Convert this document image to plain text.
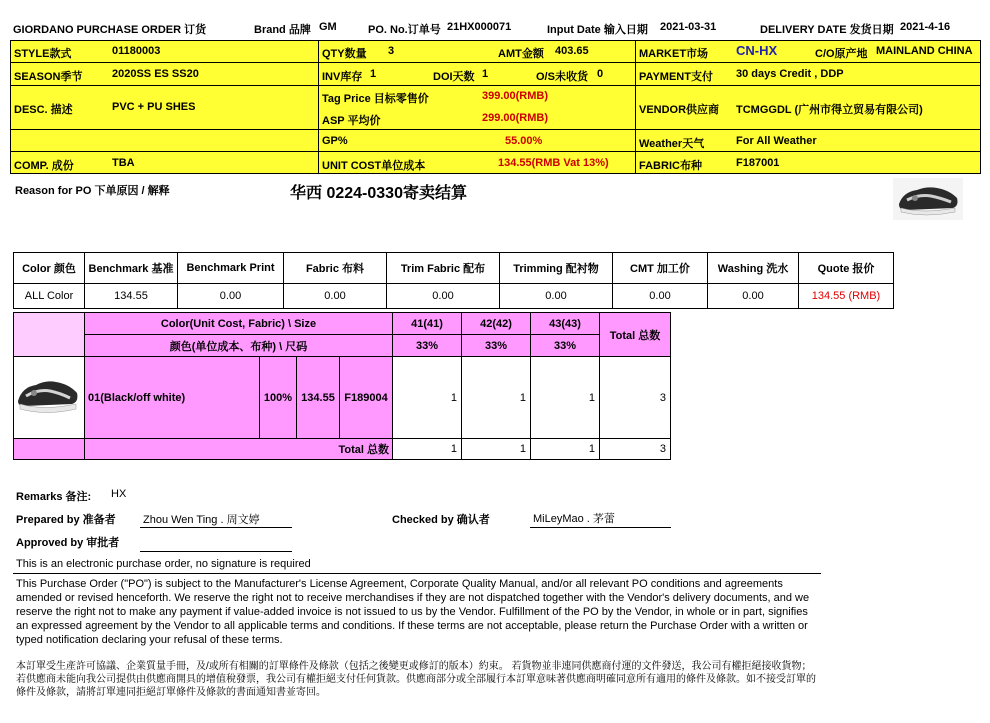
GIORDANO PURCHASE ORDER 订货	Brand 品牌 GM	PO. No.订单号 21HX000071	Input Date 输入日期 2021-03-31	DELIVERY DATE 发货日期 2021-4-16
STYLE款式	01180003
SEASON季节	2020SS ES SS20
DESC. 描述	PVC + PU SHES
COMP. 成份	TBA
QTY数量 3	AMT金额 403.65
INV库存 1	DOI天数 1	O/S未收货 0
Tag Price 目标零售价	399.00(RMB)
ASP 平均价	299.00(RMB)
GP%	55.00%
UNIT COST单位成本	134.55(RMB Vat 13%)
MARKET市场 CN-HX	C/O原产地 MAINLAND CHINA
PAYMENT支付 30 days Credit , DDP
VENDOR供应商 TCMGGDL (广州市得立贸易有限公司)
Weather天气	For All Weather
FABRIC布种	F187001
Reason for PO 下单原因 / 解释	华西 0224-0330寄卖结算
Color 颜色	Benchmark 基准	Benchmark Print	Fabric 布料	Trim Fabric 配布	Trimming 配衬物	CMT 加工价	Washing 洗水	Quote 报价
ALL Color	134.55	0.00	0.00	0.00	0.00	0.00	0.00	134.55 (RMB)
	Color(Unit Cost, Fabric) \ Size				41(41)	42(42)	43(43)	Total 总数
	颜色(单位成本、布种) \ 尺码				33%	33%	33%	
	01(Black/off white)	100%	134.55	F189004	1	1	1	3
	Total 总数				1	1	1	3
Remarks 备注: HX
Prepared by 准备者 Zhou Wen Ting . 周文婷	Checked by 确认者	MiLeyMao . 茅蕾
Approved by 审批者
This is an electronic purchase order, no signature is required
This Purchase Order ("PO") is subject to the Manufacturer's License Agreement, Corporate Quality Manual, and/or all relevant PO conditions and agreements amended or revised henceforth. We reserve the right not to receive merchandises if they are not dispatched together with the Vendor's delivery documents, and we reserve the right not to make any payment if value-added invoice is not issued to us by the Vendor. Fulfillment of the PO by the Vendor, in whole or in part, signifies an expressed agreement by the Vendor to all applicable terms and conditions. If these terms are not acceptable, please return the Purchase Order with a written or typed notification declaring your refusal of these terms.
本訂單受生產許可協議、企業質量手冊，及/或所有相關的訂單條件及條款（包括之後變更或修訂的版本）約束。 若貨物並非連同供應商付運的文件發送，我公司有權拒絕接收貨物；若供應商未能向我公司提供由供應商開具的增值稅發票，我公司有權拒絕支付任何貨款。供應商部分或全部履行本訂單意味著供應商明確同意所有適用的條件及條款。如不接受訂單的條件及條款，請將訂單連同拒絕訂單條件及條款的書面通知書並寄回。
